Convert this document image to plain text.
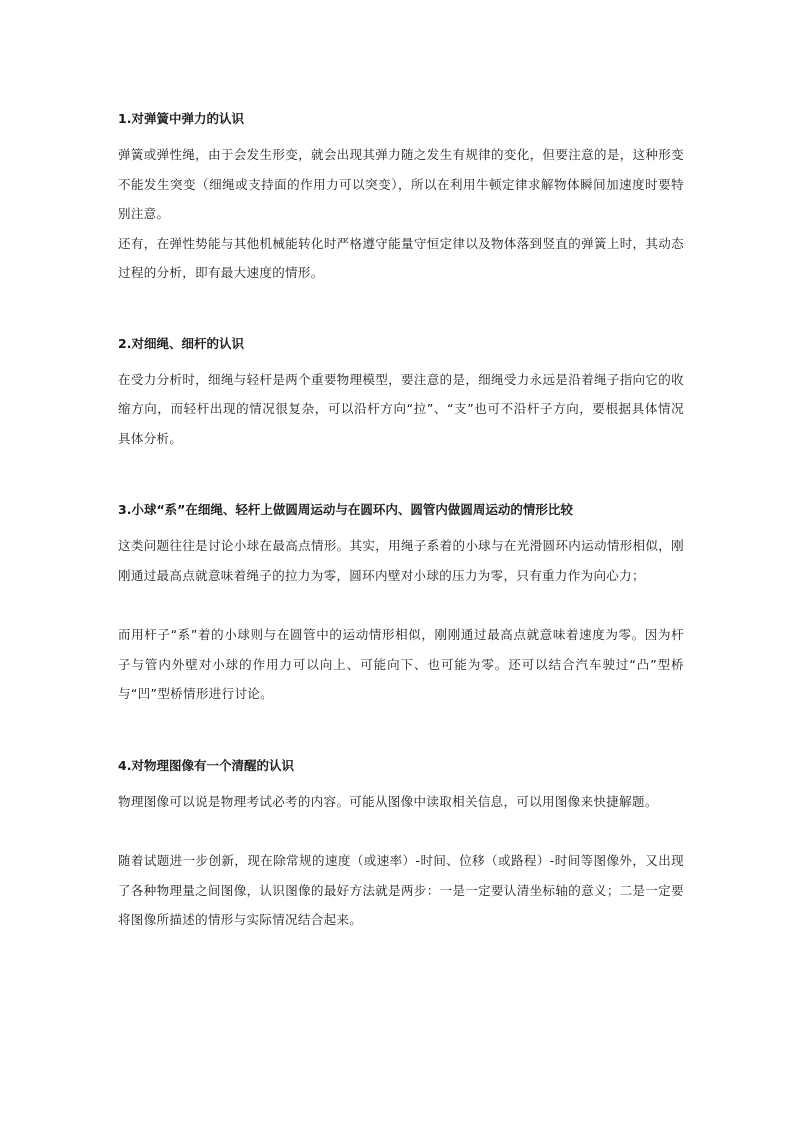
1.对弹簧中弹力的认识

弹簧或弹性绳，由于会发生形变，就会出现其弹力随之发生有规律的变化，但要注意的是，这种形变不能发生突变（细绳或支持面的作用力可以突变），所以在利用牛顿定律求解物体瞬间加速度时要特别注意。

还有，在弹性势能与其他机械能转化时严格遵守能量守恒定律以及物体落到竖直的弹簧上时，其动态过程的分析，即有最大速度的情形。

2.对细绳、细杆的认识

在受力分析时，细绳与轻杆是两个重要物理模型，要注意的是，细绳受力永远是沿着绳子指向它的收缩方向，而轻杆出现的情况很复杂，可以沿杆方向“拉”、“支”也可不沿杆子方向，要根据具体情况具体分析。

3.小球“系”在细绳、轻杆上做圆周运动与在圆环内、圆管内做圆周运动的情形比较

这类问题往往是讨论小球在最高点情形。其实，用绳子系着的小球与在光滑圆环内运动情形相似，刚刚通过最高点就意味着绳子的拉力为零，圆环内壁对小球的压力为零，只有重力作为向心力；

而用杆子“系”着的小球则与在圆管中的运动情形相似，刚刚通过最高点就意味着速度为零。因为杆子与管内外壁对小球的作用力可以向上、可能向下、也可能为零。还可以结合汽车驶过“凸”型桥与“凹”型桥情形进行讨论。

4.对物理图像有一个清醒的认识

物理图像可以说是物理考试必考的内容。可能从图像中读取相关信息，可以用图像来快捷解题。

随着试题进一步创新，现在除常规的速度（或速率）-时间、位移（或路程）-时间等图像外，又出现了各种物理量之间图像，认识图像的最好方法就是两步：一是一定要认清坐标轴的意义；二是一定要将图像所描述的情形与实际情况结合起来。
